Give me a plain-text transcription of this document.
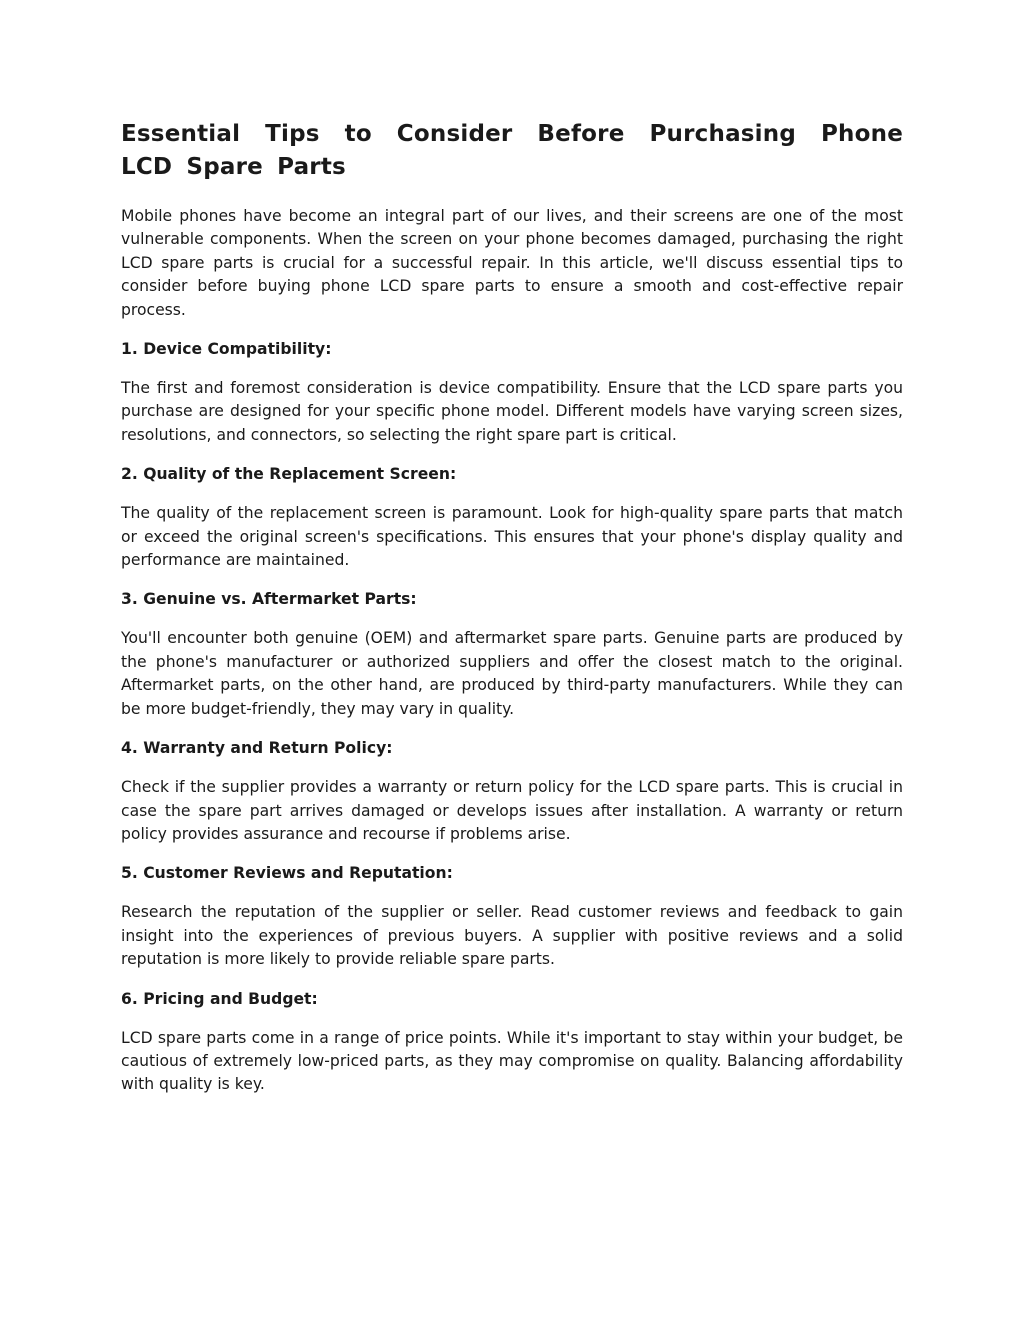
Essential Tips to Consider Before Purchasing Phone LCD Spare Parts

Mobile phones have become an integral part of our lives, and their screens are one of the most vulnerable components. When the screen on your phone becomes damaged, purchasing the right LCD spare parts is crucial for a successful repair. In this article, we'll discuss essential tips to consider before buying phone LCD spare parts to ensure a smooth and cost-effective repair process.

1. Device Compatibility:

The first and foremost consideration is device compatibility. Ensure that the LCD spare parts you purchase are designed for your specific phone model. Different models have varying screen sizes, resolutions, and connectors, so selecting the right spare part is critical.

2. Quality of the Replacement Screen:

The quality of the replacement screen is paramount. Look for high-quality spare parts that match or exceed the original screen's specifications. This ensures that your phone's display quality and performance are maintained.

3. Genuine vs. Aftermarket Parts:

You'll encounter both genuine (OEM) and aftermarket spare parts. Genuine parts are produced by the phone's manufacturer or authorized suppliers and offer the closest match to the original. Aftermarket parts, on the other hand, are produced by third-party manufacturers. While they can be more budget-friendly, they may vary in quality.

4. Warranty and Return Policy:

Check if the supplier provides a warranty or return policy for the LCD spare parts. This is crucial in case the spare part arrives damaged or develops issues after installation. A warranty or return policy provides assurance and recourse if problems arise.

5. Customer Reviews and Reputation:

Research the reputation of the supplier or seller. Read customer reviews and feedback to gain insight into the experiences of previous buyers. A supplier with positive reviews and a solid reputation is more likely to provide reliable spare parts.

6. Pricing and Budget:

LCD spare parts come in a range of price points. While it's important to stay within your budget, be cautious of extremely low-priced parts, as they may compromise on quality. Balancing affordability with quality is key.
